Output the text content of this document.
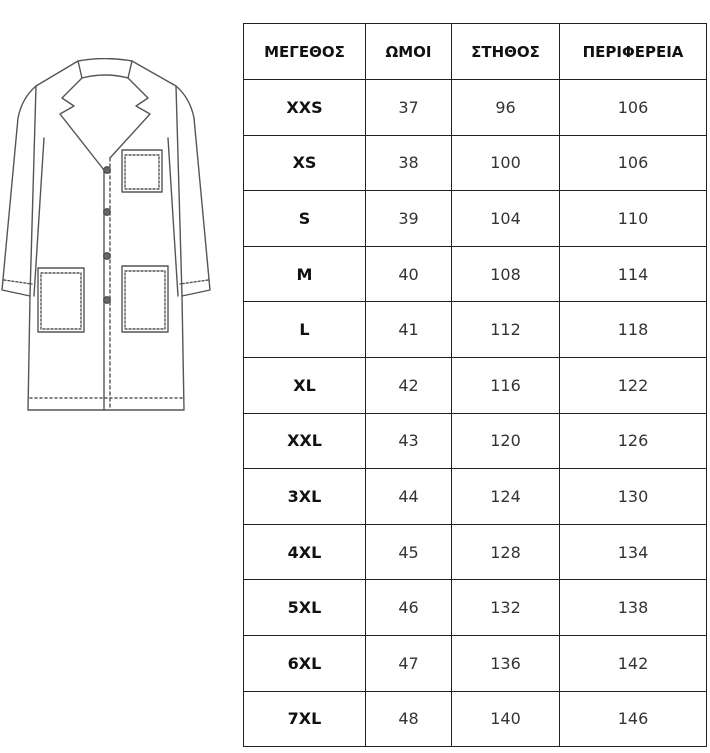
ΜΕΓΕΘΟΣ	ΩΜΟΙ	ΣΤΗΘΟΣ	ΠΕΡΙΦΕΡΕΙΑ
XXS	37	96	106
XS	38	100	106
S	39	104	110
M	40	108	114
L	41	112	118
XL	42	116	122
XXL	43	120	126
3XL	44	124	130
4XL	45	128	134
5XL	46	132	138
6XL	47	136	142
7XL	48	140	146
